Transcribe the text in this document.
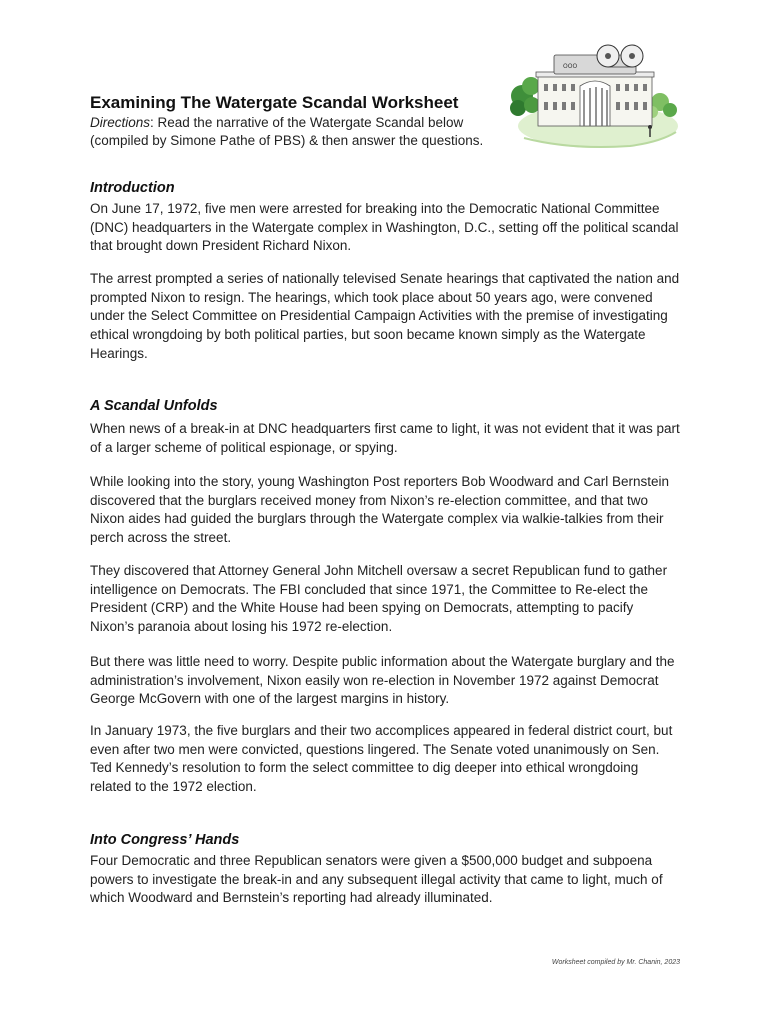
Examining The Watergate Scandal Worksheet
Directions: Read the narrative of the Watergate Scandal below (compiled by Simone Pathe of PBS) & then answer the questions.
OOO
Introduction

On June 17, 1972, five men were arrested for breaking into the Democratic National Committee (DNC) headquarters in the Watergate complex in Washington, D.C., setting off the political scandal that brought down President Richard Nixon.

The arrest prompted a series of nationally televised Senate hearings that captivated the nation and prompted Nixon to resign. The hearings, which took place about 50 years ago, were convened under the Select Committee on Presidential Campaign Activities with the premise of investigating ethical wrongdoing by both political parties, but soon became known simply as the Watergate Hearings.

A Scandal Unfolds

When news of a break-in at DNC headquarters first came to light, it was not evident that it was part of a larger scheme of political espionage, or spying.

While looking into the story, young Washington Post reporters Bob Woodward and Carl Bernstein discovered that the burglars received money from Nixon’s re-election committee, and that two Nixon aides had guided the burglars through the Watergate complex via walkie-talkies from their perch across the street.

They discovered that Attorney General John Mitchell oversaw a secret Republican fund to gather intelligence on Democrats. The FBI concluded that since 1971, the Committee to Re-elect the President (CRP) and the White House had been spying on Democrats, attempting to pacify Nixon’s paranoia about losing his 1972 re-election.

But there was little need to worry. Despite public information about the Watergate burglary and the administration’s involvement, Nixon easily won re-election in November 1972 against Democrat George McGovern with one of the largest margins in history.

In January 1973, the five burglars and their two accomplices appeared in federal district court, but even after two men were convicted, questions lingered. The Senate voted unanimously on Sen. Ted Kennedy’s resolution to form the select committee to dig deeper into ethical wrongdoing related to the 1972 election.

Into Congress’ Hands

Four Democratic and three Republican senators were given a $500,000 budget and subpoena powers to investigate the break-in and any subsequent illegal activity that came to light, much of which Woodward and Bernstein’s reporting had already illuminated.

Worksheet compiled by Mr. Chanin, 2023
